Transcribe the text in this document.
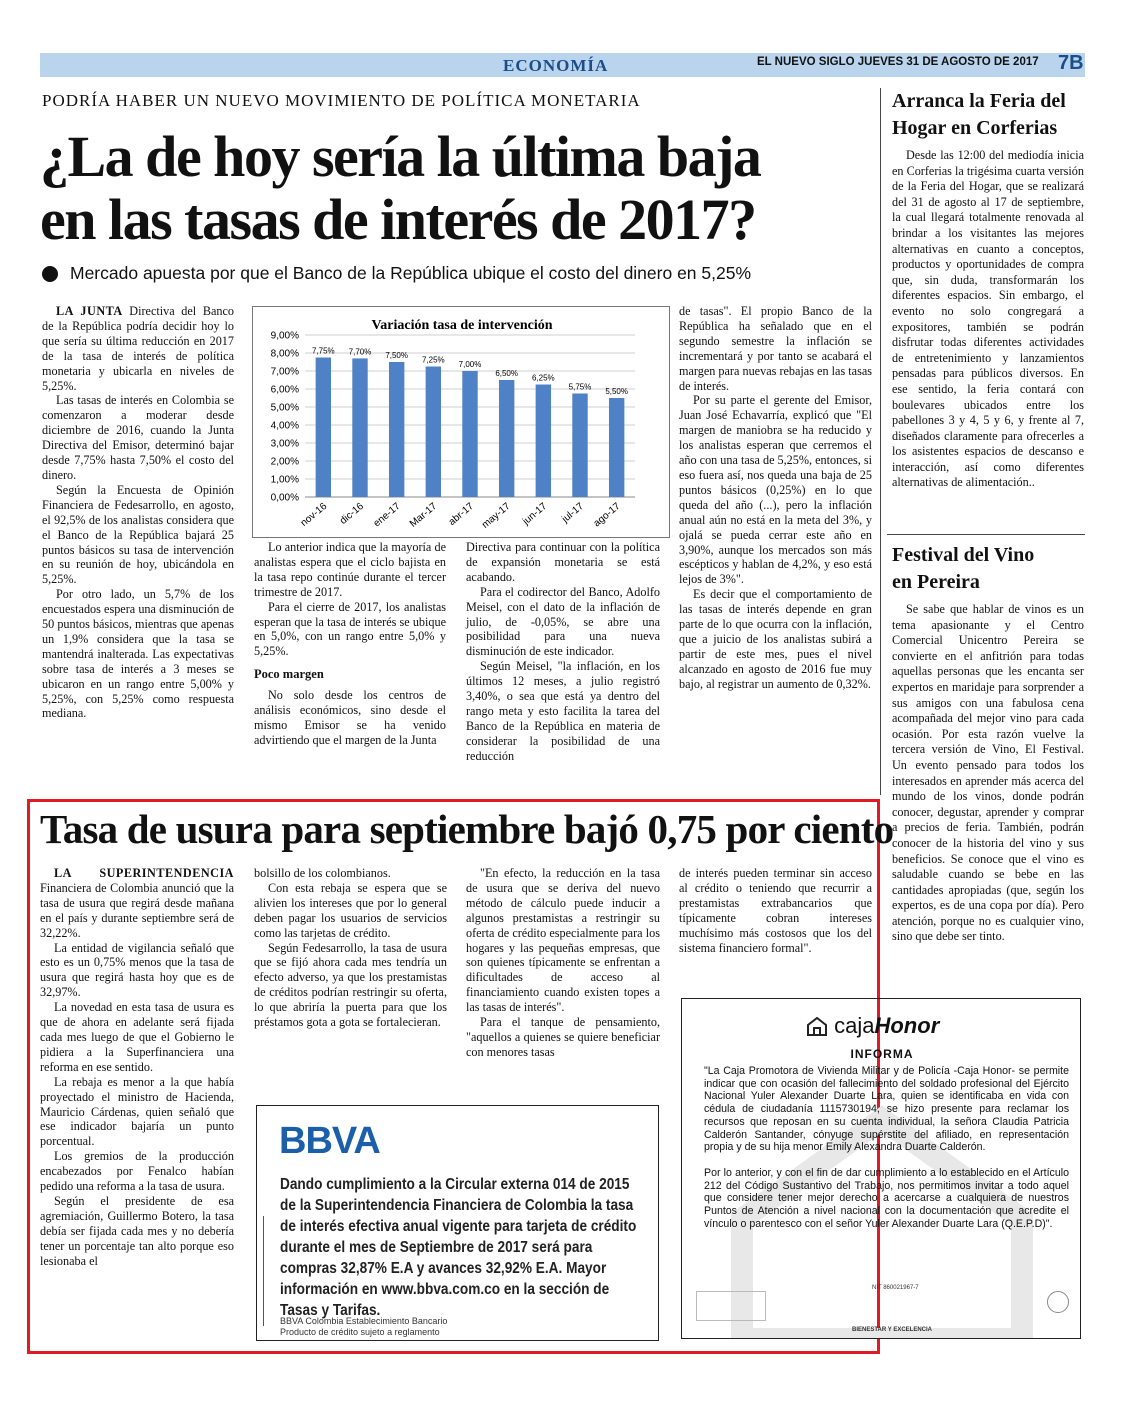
ECONOMÍA	EL NUEVO SIGLO JUEVES 31 DE AGOSTO DE 2017 7B
PODRÍA HABER UN NUEVO MOVIMIENTO DE POLÍTICA MONETARIA
¿La de hoy sería la última baja
en las tasas de interés de 2017?
Mercado apuesta por que el Banco de la República ubique el costo del dinero en 5,25%

LA JUNTA Directiva del Banco de la República podría decidir hoy lo que sería su última reducción en 2017 de la tasa de interés de política monetaria y ubicarla en niveles de 5,25%.

Las tasas de interés en Colombia se comenzaron a moderar desde diciembre de 2016, cuando la Junta Directiva del Emisor, determinó bajar desde 7,75% hasta 7,50% el costo del dinero.

Según la Encuesta de Opinión Financiera de Fedesarrollo, en agosto, el 92,5% de los analistas considera que el Banco de la República bajará 25 puntos básicos su tasa de intervención en su reunión de hoy, ubicándola en 5,25%.

Por otro lado, un 5,7% de los encuestados espera una disminución de 50 puntos básicos, mientras que apenas un 1,9% considera que la tasa se mantendrá inalterada. Las expectativas sobre tasa de interés a 3 meses se ubicaron en un rango entre 5,00% y 5,25%, con 5,25% como respuesta mediana.

Variación tasa de intervención
0,00%
1,00%
2,00%
3,00%
4,00%
5,00%
6,00%
7,00%
8,00%
9,00%
7,75%
nov-16
7,70%
dic-16
7,50%
ene-17
7,25%
Mar-17
7,00%
abr-17
6,50%
may-17
6,25%
jun-17
5,75%
jul-17
5,50%
ago-17

Lo anterior indica que la mayoría de analistas espera que el ciclo bajista en la tasa repo continúe durante el tercer trimestre de 2017.

Para el cierre de 2017, los analistas esperan que la tasa de interés se ubique en 5,0%, con un rango entre 5,0% y 5,25%.

Poco margen

No solo desde los centros de análisis económicos, sino desde el mismo Emisor se ha venido advirtiendo que el margen de la Junta

Directiva para continuar con la política de expansión monetaria se está acabando.

Para el codirector del Banco, Adolfo Meisel, con el dato de la inflación de julio, de -0,05%, se abre una posibilidad para una nueva disminución de este indicador.

Según Meisel, "la inflación, en los últimos 12 meses, a julio registró 3,40%, o sea que está ya dentro del rango meta y esto facilita la tarea del Banco de la República en materia de considerar la posibilidad de una reducción

de tasas". El propio Banco de la República ha señalado que en el segundo semestre la inflación se incrementará y por tanto se acabará el margen para nuevas rebajas en las tasas de interés.

Por su parte el gerente del Emisor, Juan José Echavarría, explicó que "El margen de maniobra se ha reducido y los analistas esperan que cerremos el año con una tasa de 5,25%, entonces, si eso fuera así, nos queda una baja de 25 puntos básicos (0,25%) en lo que queda del año (...), pero la inflación anual aún no está en la meta del 3%, y ojalá se pueda cerrar este año en 3,90%, aunque los mercados son más escépticos y hablan de 4,2%, y eso está lejos de 3%".

Es decir que el comportamiento de las tasas de interés depende en gran parte de lo que ocurra con la inflación, que a juicio de los analistas subirá a partir de este mes, pues el nivel alcanzado en agosto de 2016 fue muy bajo, al registrar un aumento de 0,32%.

Arranca la Feria del
Hogar en Corferias

Desde las 12:00 del mediodía inicia en Corferias la trigésima cuarta versión de la Feria del Hogar, que se realizará del 31 de agosto al 17 de septiembre, la cual llegará totalmente renovada al brindar a los visitantes las mejores alternativas en cuanto a conceptos, productos y oportunidades de compra que, sin duda, transformarán los diferentes espacios. Sin embargo, el evento no solo congregará a expositores, también se podrán disfrutar todas diferentes actividades de entretenimiento y lanzamientos pensadas para públicos diversos. En ese sentido, la feria contará con boulevares ubicados entre los pabellones 3 y 4, 5 y 6, y frente al 7, diseñados claramente para ofrecerles a los asistentes espacios de descanso e interacción, así como diferentes alternativas de alimentación..

Festival del Vino
en Pereira

Se sabe que hablar de vinos es un tema apasionante y el Centro Comercial Unicentro Pereira se convierte en el anfitrión para todas aquellas personas que les encanta ser expertos en maridaje para sorprender a sus amigos con una fabulosa cena acompañada del mejor vino para cada ocasión. Por esta razón vuelve la tercera versión de Vino, El Festival. Un evento pensado para todos los interesados en aprender más acerca del mundo de los vinos, donde podrán conocer, degustar, aprender y comprar a precios de feria. También, podrán conocer de la historia del vino y sus beneficios. Se conoce que el vino es saludable cuando se bebe en las cantidades apropiadas (que, según los expertos, es de una copa por día). Pero atención, porque no es cualquier vino, sino que debe ser tinto.

Tasa de usura para septiembre bajó 0,75 por ciento

LA SUPERINTENDENCIA Financiera de Colombia anunció que la tasa de usura que regirá desde mañana en el país y durante septiembre será de 32,22%.

La entidad de vigilancia señaló que esto es un 0,75% menos que la tasa de usura que regirá hasta hoy que es de 32,97%.

La novedad en esta tasa de usura es que de ahora en adelante será fijada cada mes luego de que el Gobierno le pidiera a la Superfinanciera una reforma en ese sentido.

La rebaja es menor a la que había proyectado el ministro de Hacienda, Mauricio Cárdenas, quien señaló que ese indicador bajaría un punto porcentual.

Los gremios de la producción encabezados por Fenalco habían pedido una reforma a la tasa de usura.

Según el presidente de esa agremiación, Guillermo Botero, la tasa debía ser fijada cada mes y no debería tener un porcentaje tan alto porque eso lesionaba el

bolsillo de los colombianos.

Con esta rebaja se espera que se alivien los intereses que por lo general deben pagar los usuarios de servicios como las tarjetas de crédito.

Según Fedesarrollo, la tasa de usura que se fijó ahora cada mes tendría un efecto adverso, ya que los prestamistas de créditos podrían restringir su oferta, lo que abriría la puerta para que los préstamos gota a gota se fortalecieran.

"En efecto, la reducción en la tasa de usura que se deriva del nuevo método de cálculo puede inducir a algunos prestamistas a restringir su oferta de crédito especialmente para los hogares y las pequeñas empresas, que son quienes típicamente se enfrentan a dificultades de acceso al financiamiento cuando existen topes a las tasas de interés".

Para el tanque de pensamiento, "aquellos a quienes se quiere beneficiar con menores tasas

de interés pueden terminar sin acceso al crédito o teniendo que recurrir a prestamistas extrabancarios que típicamente cobran intereses muchísimo más costosos que los del sistema financiero formal".

BBVA
Dando cumplimiento a la Circular externa 014 de 2015 de la Superintendencia Financiera de Colombia la tasa de interés efectiva anual vigente para tarjeta de crédito durante el mes de Septiembre de 2017 será para compras 32,87% E.A y avances 32,92% E.A. Mayor información en www.bbva.com.co en la sección de Tasas y Tarifas.
BBVA Colombia Establecimiento Bancario
Producto de crédito sujeto a reglamento
cajaHonor
INFORMA

"La Caja Promotora de Vivienda Militar y de Policía -Caja Honor- se permite indicar que con ocasión del fallecimiento del soldado profesional del Ejército Nacional Yuler Alexander Duarte Lara, quien se identificaba en vida con cédula de ciudadanía 1115730194, se hizo presente para reclamar los recursos que reposan en su cuenta individual, la señora Claudia Patricia Calderón Santander, cónyuge supérstite del afiliado, en representación propia y de su hija menor Emily Alexandra Duarte Calderón.

Por lo anterior, y con el fin de dar cumplimiento a lo establecido en el Artículo 212 del Código Sustantivo del Trabajo, nos permitimos invitar a todo aquel que considere tener mejor derecho a acercarse a cualquiera de nuestros Puntos de Atención a nivel nacional con la documentación que acredite el vínculo o parentesco con el señor Yuler Alexander Duarte Lara (Q.E.P.D)".

NIT 860021967-7
BIENESTAR Y EXCELENCIA
